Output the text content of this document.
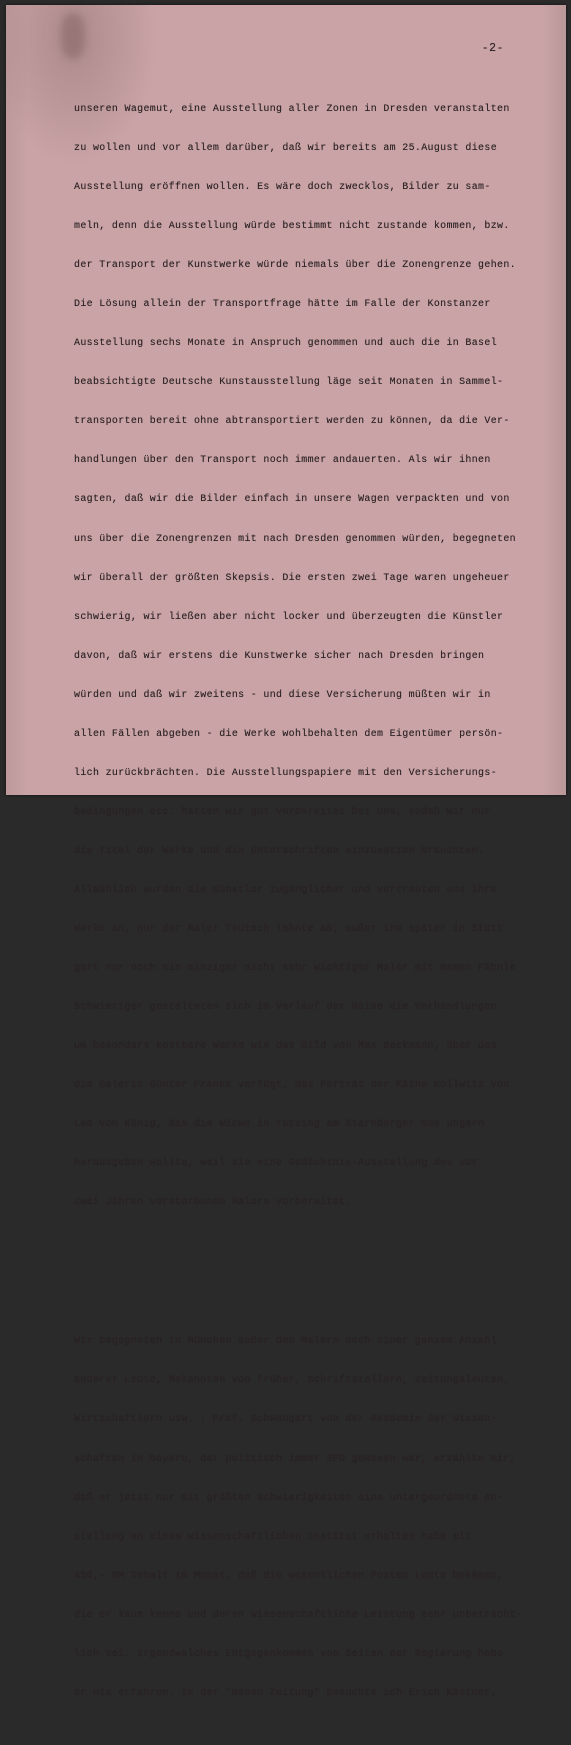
-2-

unseren Wagemut, eine Ausstellung aller Zonen in Dresden veranstalten

zu wollen und vor allem darüber, daß wir bereits am 25.August diese

Ausstellung eröffnen wollen. Es wäre doch zwecklos, Bilder zu sam-

meln, denn die Ausstellung würde bestimmt nicht zustande kommen, bzw.

der Transport der Kunstwerke würde niemals über die Zonengrenze gehen.

Die Lösung allein der Transportfrage hätte im Falle der Konstanzer

Ausstellung sechs Monate in Anspruch genommen und auch die in Basel

beabsichtigte Deutsche Kunstausstellung läge seit Monaten in Sammel-

transporten bereit ohne abtransportiert werden zu können, da die Ver-

handlungen über den Transport noch immer andauerten. Als wir ihnen

sagten, daß wir die Bilder einfach in unsere Wagen verpackten und von

uns über die Zonengrenzen mit nach Dresden genommen würden, begegneten

wir überall der größten Skepsis. Die ersten zwei Tage waren ungeheuer

schwierig, wir ließen aber nicht locker und überzeugten die Künstler

davon, daß wir erstens die Kunstwerke sicher nach Dresden bringen

würden und daß wir zweitens - und diese Versicherung müßten wir in

allen Fällen abgeben - die Werke wohlbehalten dem Eigentümer persön-

lich zurückbrächten. Die Ausstellungspapiere mit den Versicherungs-

bedingungen etc. hatten wir gut vorbereitet bei uns, sodaß wir nur

die Titel der Werke und die Unterschriften einzusetzen brauchten.

Allmählich wurden die Künstler zugänglicher und vertrauten uns ihre

Werke an, nur der Maler Teutsch lehnte ab; außer ihm später in Stutt-

gart nur noch ein einziger nicht sehr wichtiger Maler mit Namen Fähnle

Schwieriger gestalteten sich im Verlauf der Reise die Verhandlungen

um besonders kostbare Werke wie das Bild von Max Beckmann, über das

die Galerie Günter Franke verfügt, das Porträt der Käthe Kollwitz von

Leo von König, das die Witwe in Tutzing am Starnberger See ungern

herausgeben wollte, weil sie eine Gedächtnis-Ausstellung des vor

zwei Jahren verstorbenen Malers vorbereitet.

Wir begegneten in München außer den Malern noch einer ganzen Anzahl

anderer Leute, Bekannten von früher, Schriftstellern, Zeitungsleuten,

Wirtschaftlern usw. : Prof. Schwangart von der Akademie der Wissen-

schaften in Bayern, der politisch immer SPD gewesen war, erzählte mir,

daß er jetzt nur mit größten Schwierigkeiten eine untergeordnete An-

stellung an einem wissenschaftlichen Institut erhalten habe mit

450,- RM Gehalt im Monat, daß die wesentlichen Posten Leute bekämen,

die er kaum kenne und deren wissenschaftliche Leistung sehr unbeträcht-

lich sei. Irgendwelches Entgegenkommen von Seiten der Regierung habe

er nie erfahren. In der "Neuen Zeitung" besuchte ich Erich Kästner,
